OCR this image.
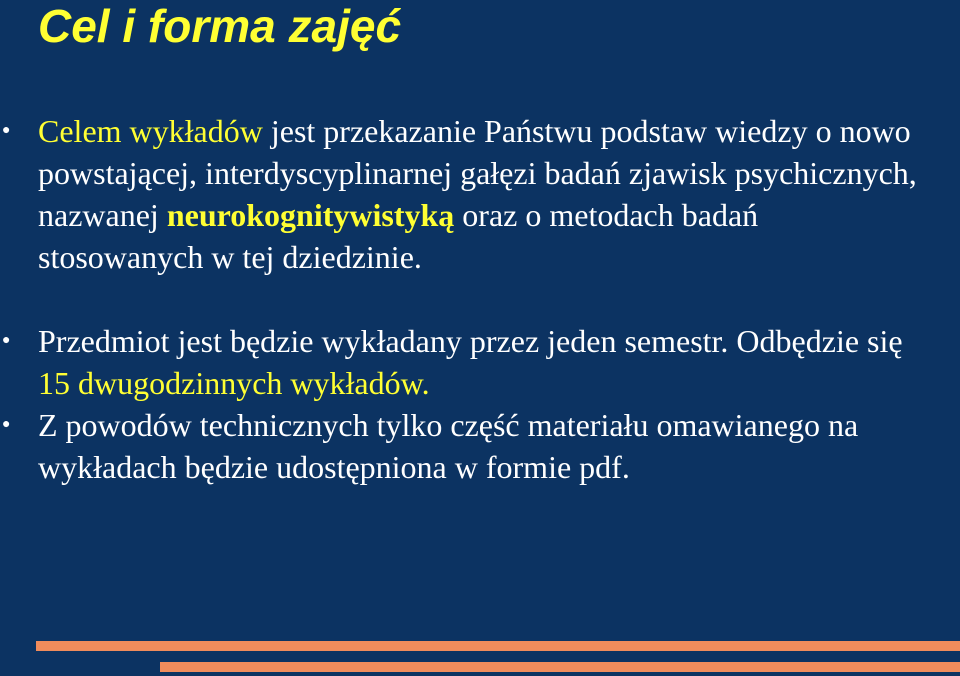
Cel i forma zajęć
● Celem wykładów jest przekazanie Państwu podstaw wiedzy o nowo powstającej, interdyscyplinarnej gałęzi badań zjawisk psychicznych, nazwanej neurokognitywistyką oraz o metodach badań stosowanych w tej dziedzinie.
● Przedmiot jest będzie wykładany przez jeden semestr. Odbędzie się 15 dwugodzinnych wykładów.
● Z powodów technicznych tylko część materiału omawianego na wykładach będzie udostępniona w formie pdf.
